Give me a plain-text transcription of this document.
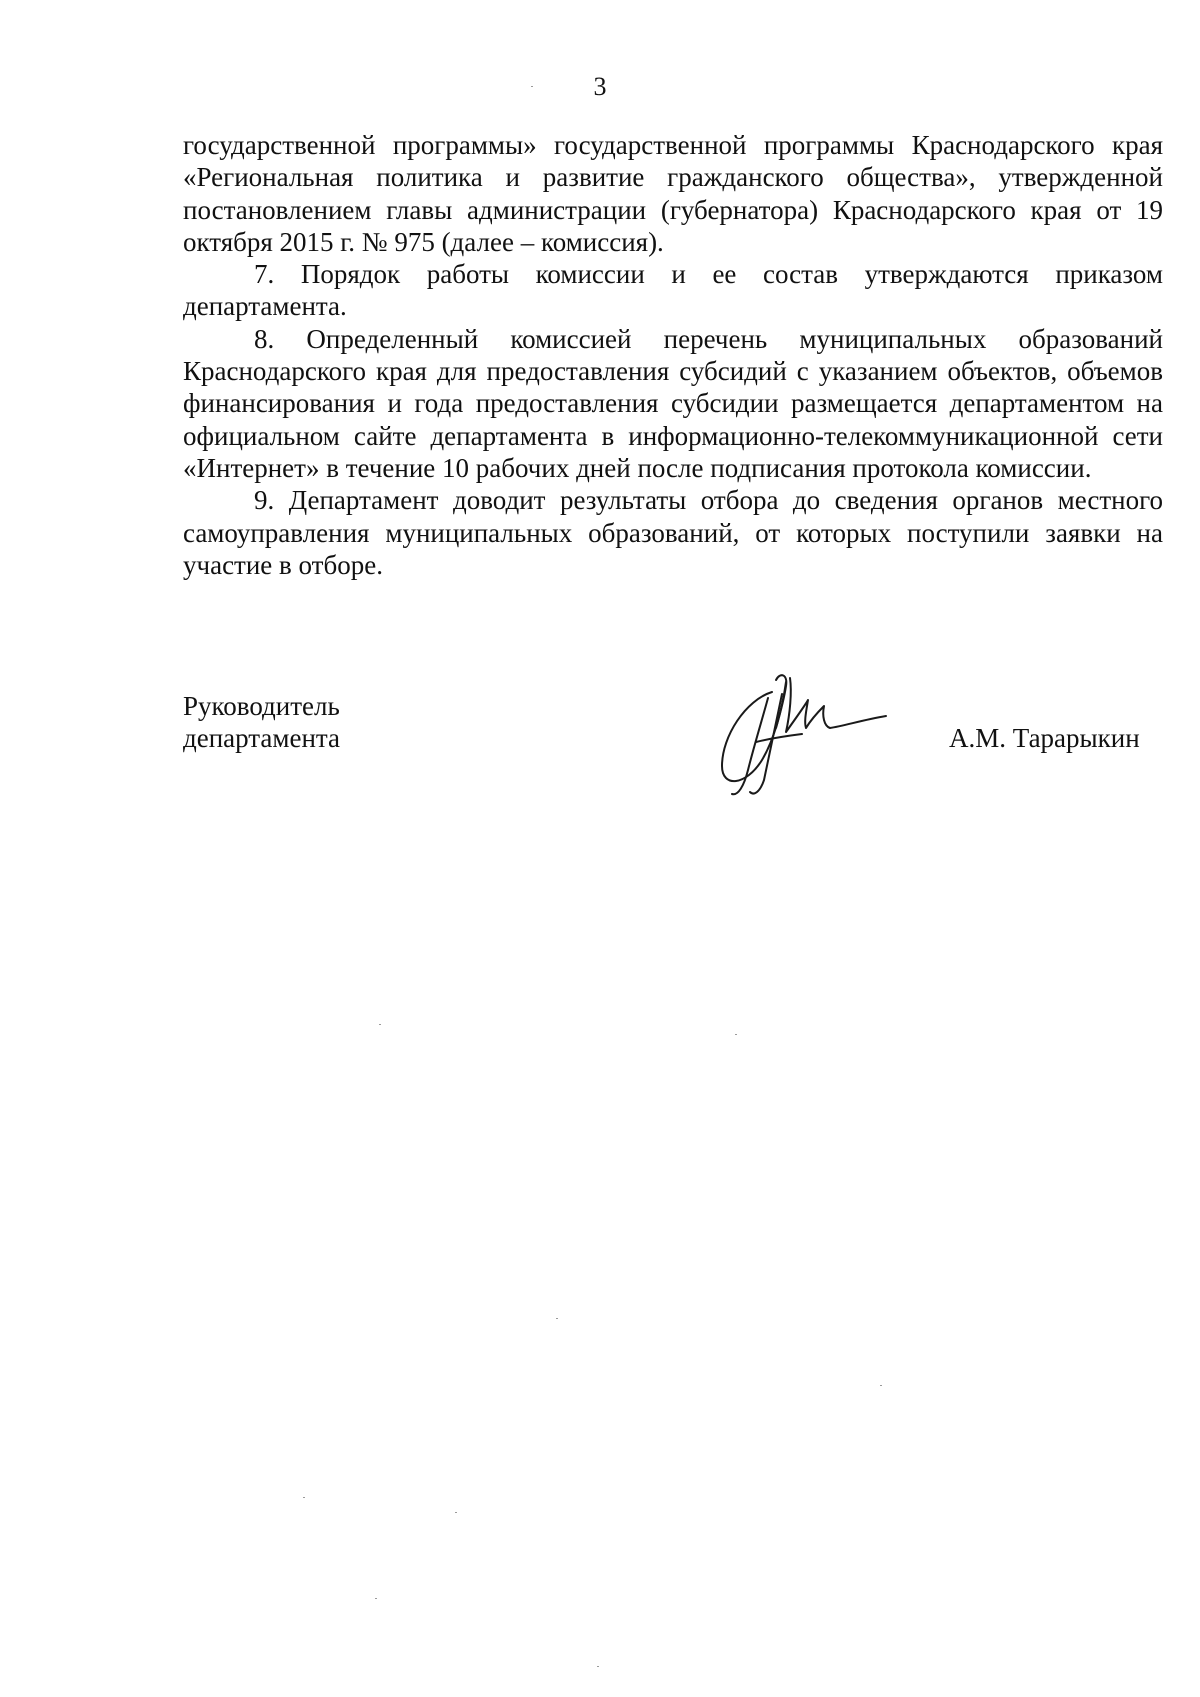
3

государственной программы» государственной программы Краснодарского края «Региональная политика и развитие гражданского общества», утвержденной постановлением главы администрации (губернатора) Краснодарского края от 19 октября 2015 г. № 975 (далее – комиссия).

7. Порядок работы комиссии и ее состав утверждаются приказом департамента.

8. Определенный комиссией перечень муниципальных образований Краснодарского края для предоставления субсидий с указанием объектов, объемов финансирования и года предоставления субсидии размещается департаментом на официальном сайте департамента в информационно-телекоммуникационной сети «Интернет» в течение 10 рабочих дней после подписания протокола комиссии.

9. Департамент доводит результаты отбора до сведения органов местного самоуправления муниципальных образований, от которых поступили заявки на участие в отборе.

Руководитель
департамента	А.М. Тарарыкин
